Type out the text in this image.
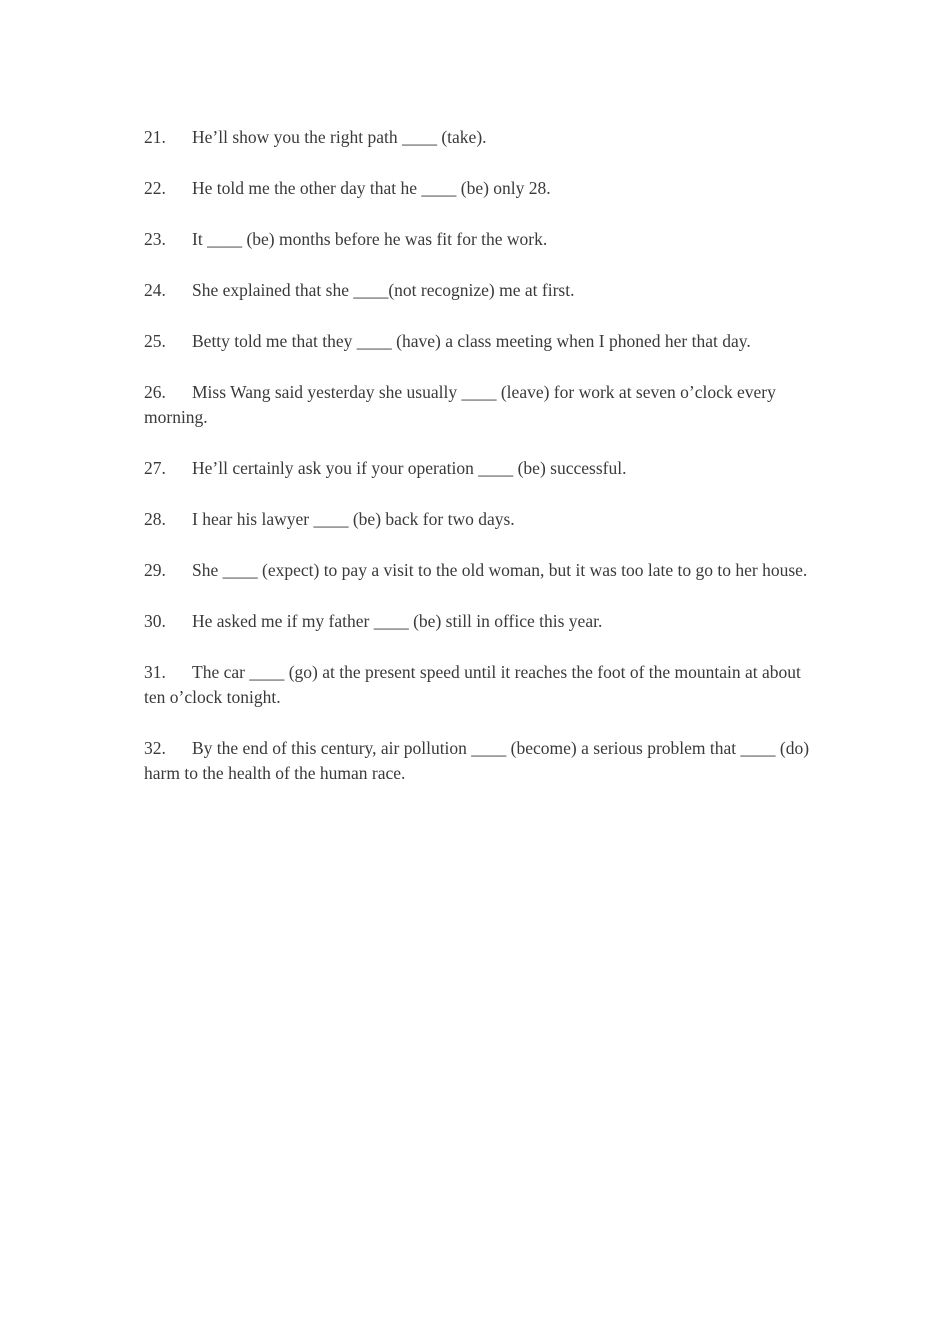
21. He’ll show you the right path ____ (take).

22. He told me the other day that he ____ (be) only 28.

23. It ____ (be) months before he was fit for the work.

24. She explained that she ____(not recognize) me at first.

25. Betty told me that they ____ (have) a class meeting when I phoned her that day.

26. Miss Wang said yesterday she usually ____ (leave) for work at seven o’clock every morning.

27. He’ll certainly ask you if your operation ____ (be) successful.

28. I hear his lawyer ____ (be) back for two days.

29. She ____ (expect) to pay a visit to the old woman, but it was too late to go to her house.

30. He asked me if my father ____ (be) still in office this year.

31. The car ____ (go) at the present speed until it reaches the foot of the mountain at about ten o’clock tonight.

32. By the end of this century, air pollution ____ (become) a serious problem that ____ (do) harm to the health of the human race.
